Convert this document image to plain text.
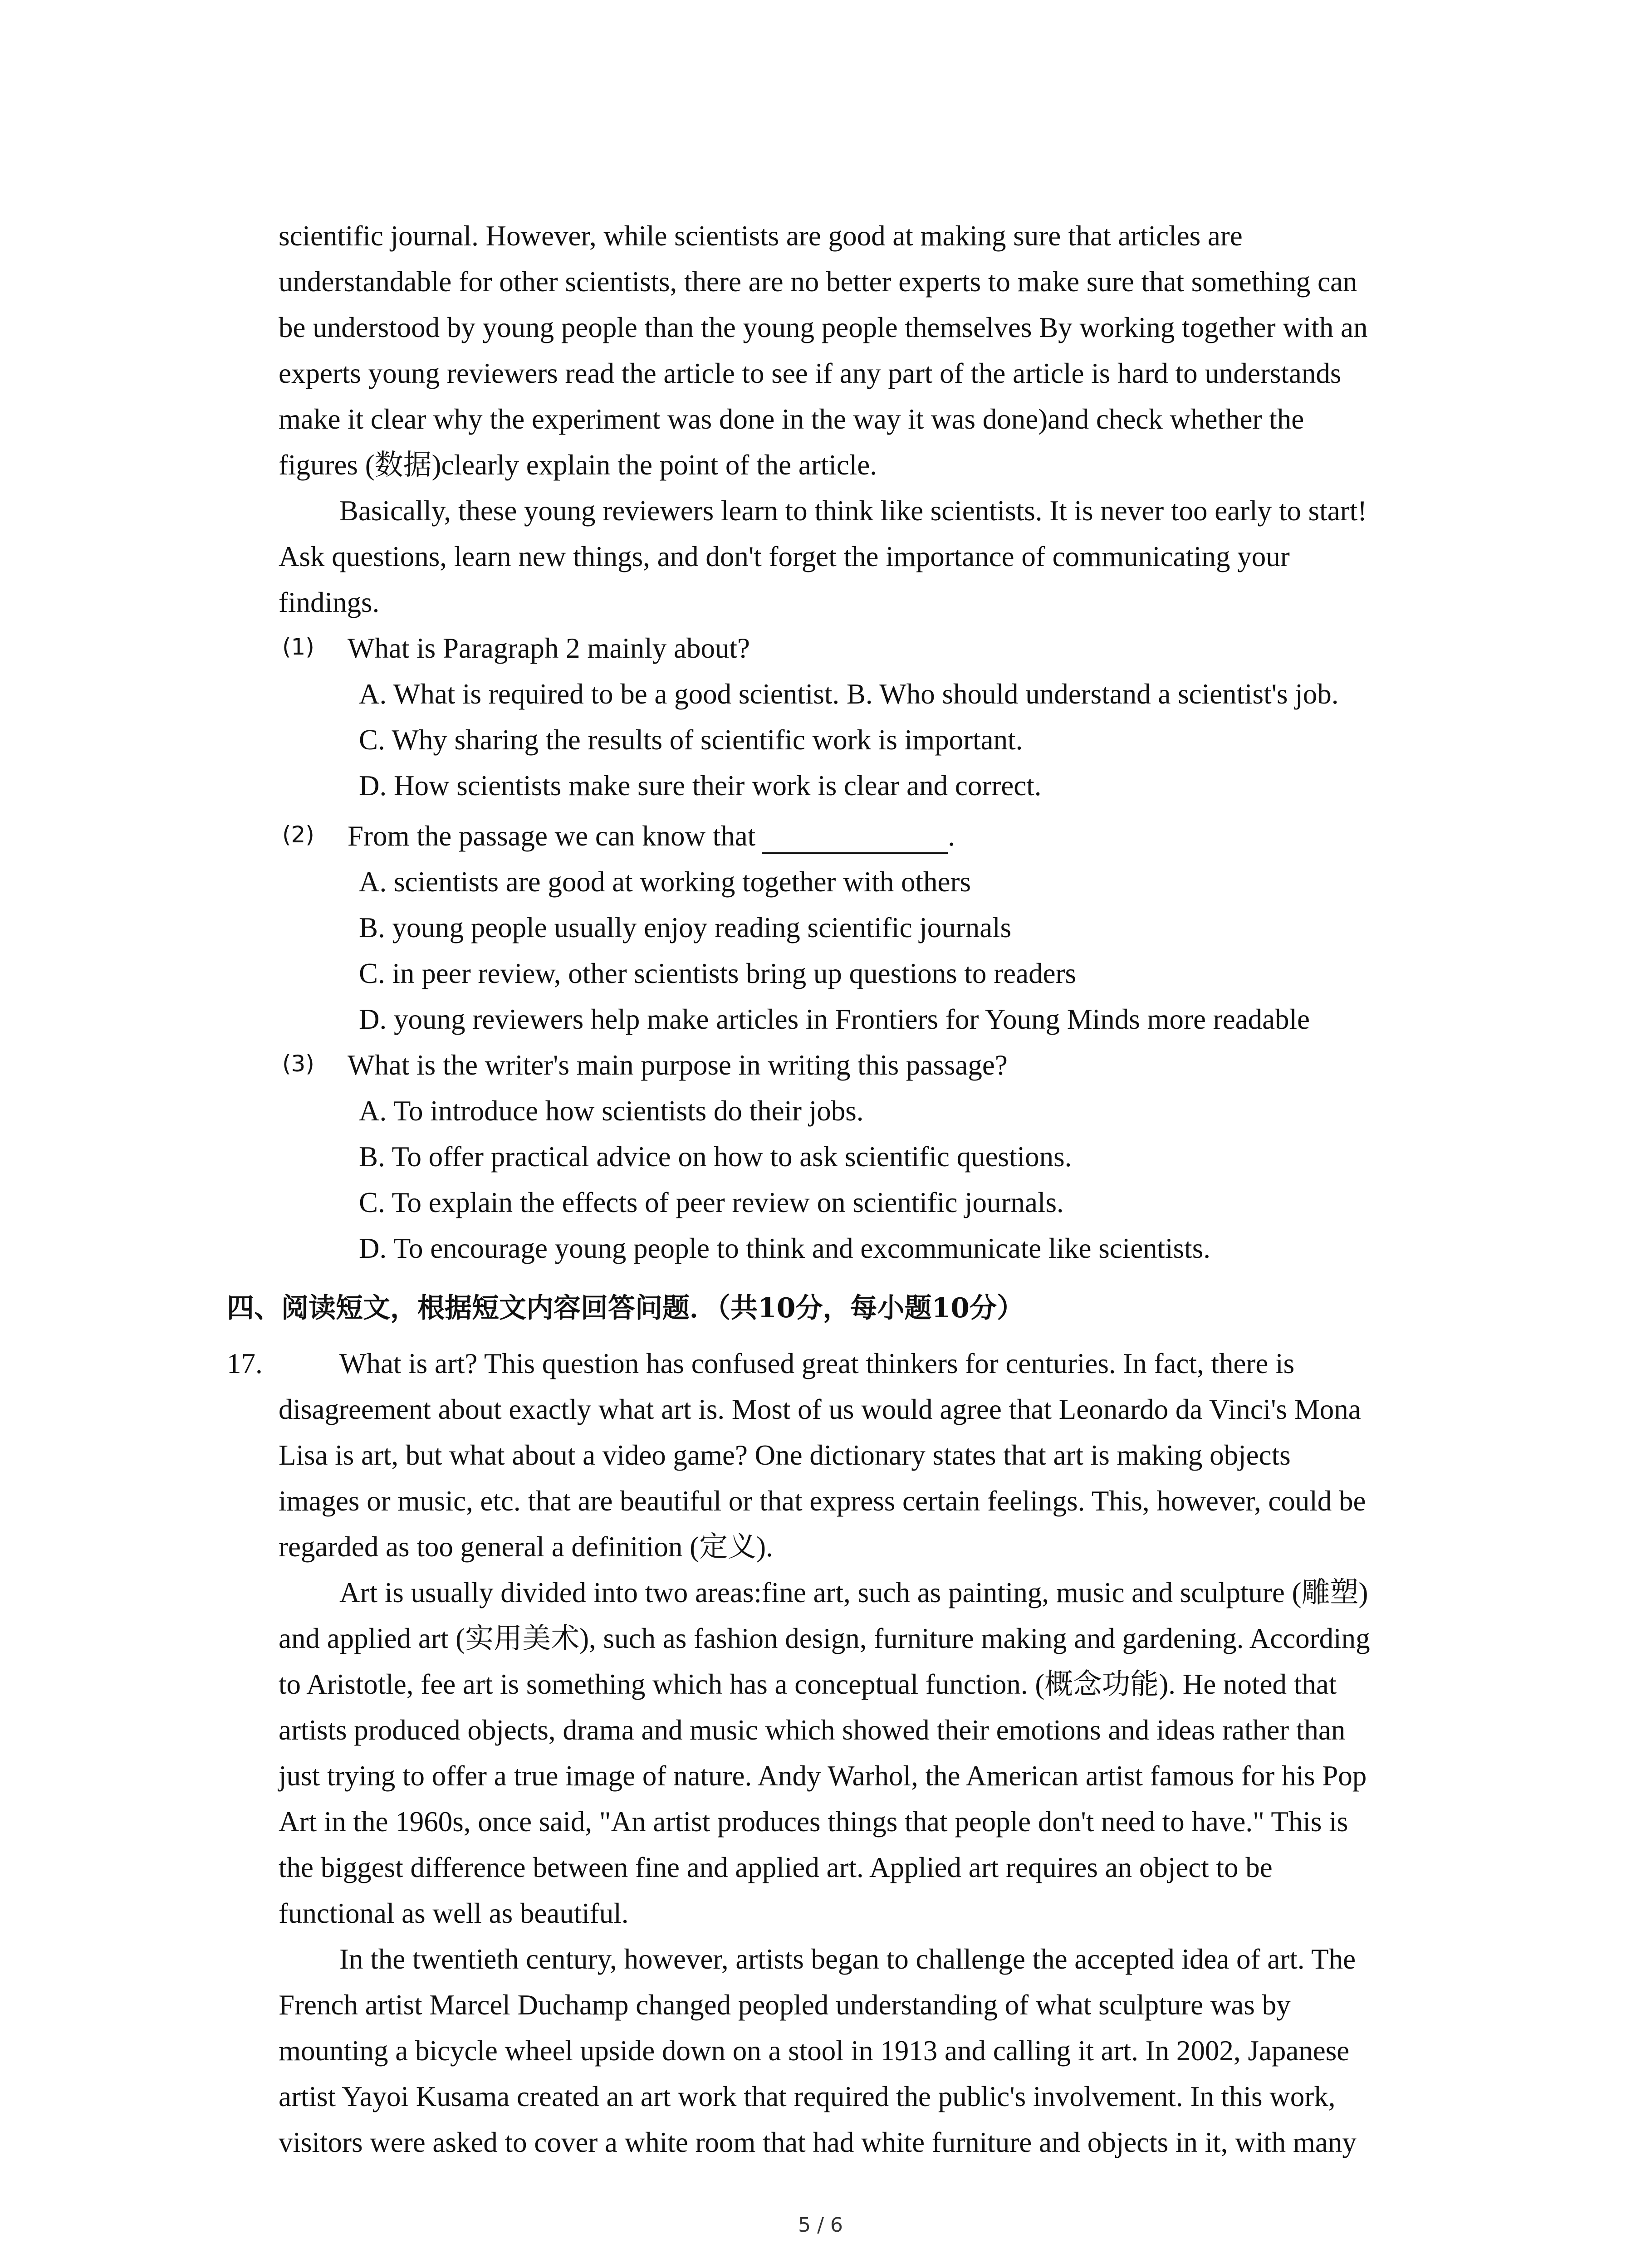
scientific journal. However, while scientists are good at making sure that articles are
understandable for other scientists, there are no better experts to make sure that something can
be understood by young people than the young people themselves By working together with an
experts young reviewers read the article to see if any part of the article is hard to understands
make it clear why the experiment was done in the way it was done)and check whether the
figures (数据)clearly explain the point of the article.
Basically, these young reviewers learn to think like scientists. It is never too early to start!
Ask questions, learn new things, and don't forget the importance of communicating your
findings.
(1) What is Paragraph 2 mainly about?
A. What is required to be a good scientist. B. Who should understand a scientist's job.
C. Why sharing the results of scientific work is important.
D. How scientists make sure their work is clear and correct.
(2) From the passage we can know that	.
A. scientists are good at working together with others
B. young people usually enjoy reading scientific journals
C. in peer review, other scientists bring up questions to readers
D. young reviewers help make articles in Frontiers for Young Minds more readable
(3) What is the writer's main purpose in writing this passage?
A. To introduce how scientists do their jobs.
B. To offer practical advice on how to ask scientific questions.
C. To explain the effects of peer review on scientific journals.
D. To encourage young people to think and excommunicate like scientists.
四、阅读短文，根据短文内容回答问题．（共10分，每小题10分）
17.	What is art? This question has confused great thinkers for centuries. In fact, there is
disagreement about exactly what art is. Most of us would agree that Leonardo da Vinci's Mona
Lisa is art, but what about a video game? One dictionary states that art is making objects
images or music, etc. that are beautiful or that express certain feelings. This, however, could be
regarded as too general a definition (定义).
Art is usually divided into two areas:fine art, such as painting, music and sculpture (雕塑)
and applied art (实用美术), such as fashion design, furniture making and gardening. According
to Aristotle, fee art is something which has a conceptual function. (概念功能). He noted that
artists produced objects, drama and music which showed their emotions and ideas rather than
just trying to offer a true image of nature. Andy Warhol, the American artist famous for his Pop
Art in the 1960s, once said, "An artist produces things that people don't need to have." This is
the biggest difference between fine and applied art. Applied art requires an object to be
functional as well as beautiful.
In the twentieth century, however, artists began to challenge the accepted idea of art. The
French artist Marcel Duchamp changed peopled understanding of what sculpture was by
mounting a bicycle wheel upside down on a stool in 1913 and calling it art. In 2002, Japanese
artist Yayoi Kusama created an art work that required the public's involvement. In this work,
visitors were asked to cover a white room that had white furniture and objects in it, with many
5 / 6
